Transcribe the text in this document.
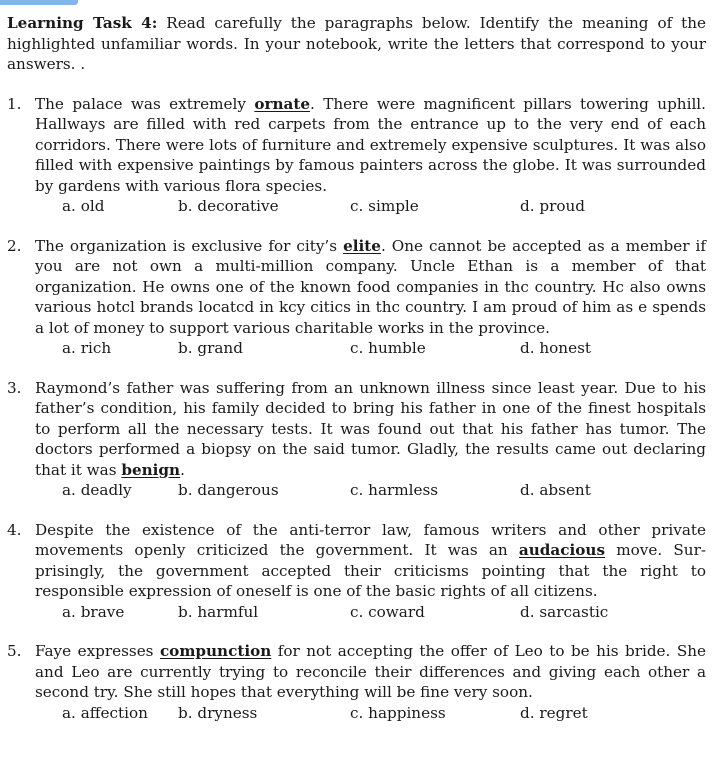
Learning Task 4: Read carefully the paragraphs below. Identify the meaning of the highlighted unfamiliar words. In your notebook, write the letters that correspond to your answers. .

1. The palace was extremely ornate. There were magnificent pillars towering uphill. Hallways are filled with red carpets from the entrance up to the very end of each corridors. There were lots of furniture and extremely expensive sculptures. It was also filled with expensive paintings by famous painters across the globe. It was surrounded by gardens with various flora species.

a. old	b. decorative	c. simple	d. proud
2. The organization is exclusive for city’s elite. One cannot be accepted as a member if you are not own a multi-million company. Uncle Ethan is a member of that organization. He owns one of the known food companies in thc country. Hc also owns various hotcl brands locatcd in kcy citics in thc country. I am proud of him as e spends a lot of money to support various charitable works in the province.

a. rich	b. grand	c. humble	d. honest
3. Raymond’s father was suffering from an unknown illness since least year. Due to his father’s condition, his family decided to bring his father in one of the finest hospitals to perform all the necessary tests. It was found out that his father has tumor. The doctors performed a biopsy on the said tumor. Gladly, the results came out declaring that it was benign.

a. deadly	b. dangerous	c. harmless	d. absent
4. Despite the existence of the anti-terror law, famous writers and other private movements openly criticized the government. It was an audacious move. Sur-prisingly, the government accepted their criticisms pointing that the right to responsible expression of oneself is one of the basic rights of all citizens.

a. brave	b. harmful	c. coward	d. sarcastic
5. Faye expresses compunction for not accepting the offer of Leo to be his bride. She and Leo are currently trying to reconcile their differences and giving each other a second try. She still hopes that everything will be fine very soon.

a. affection	b. dryness	c. happiness	d. regret
